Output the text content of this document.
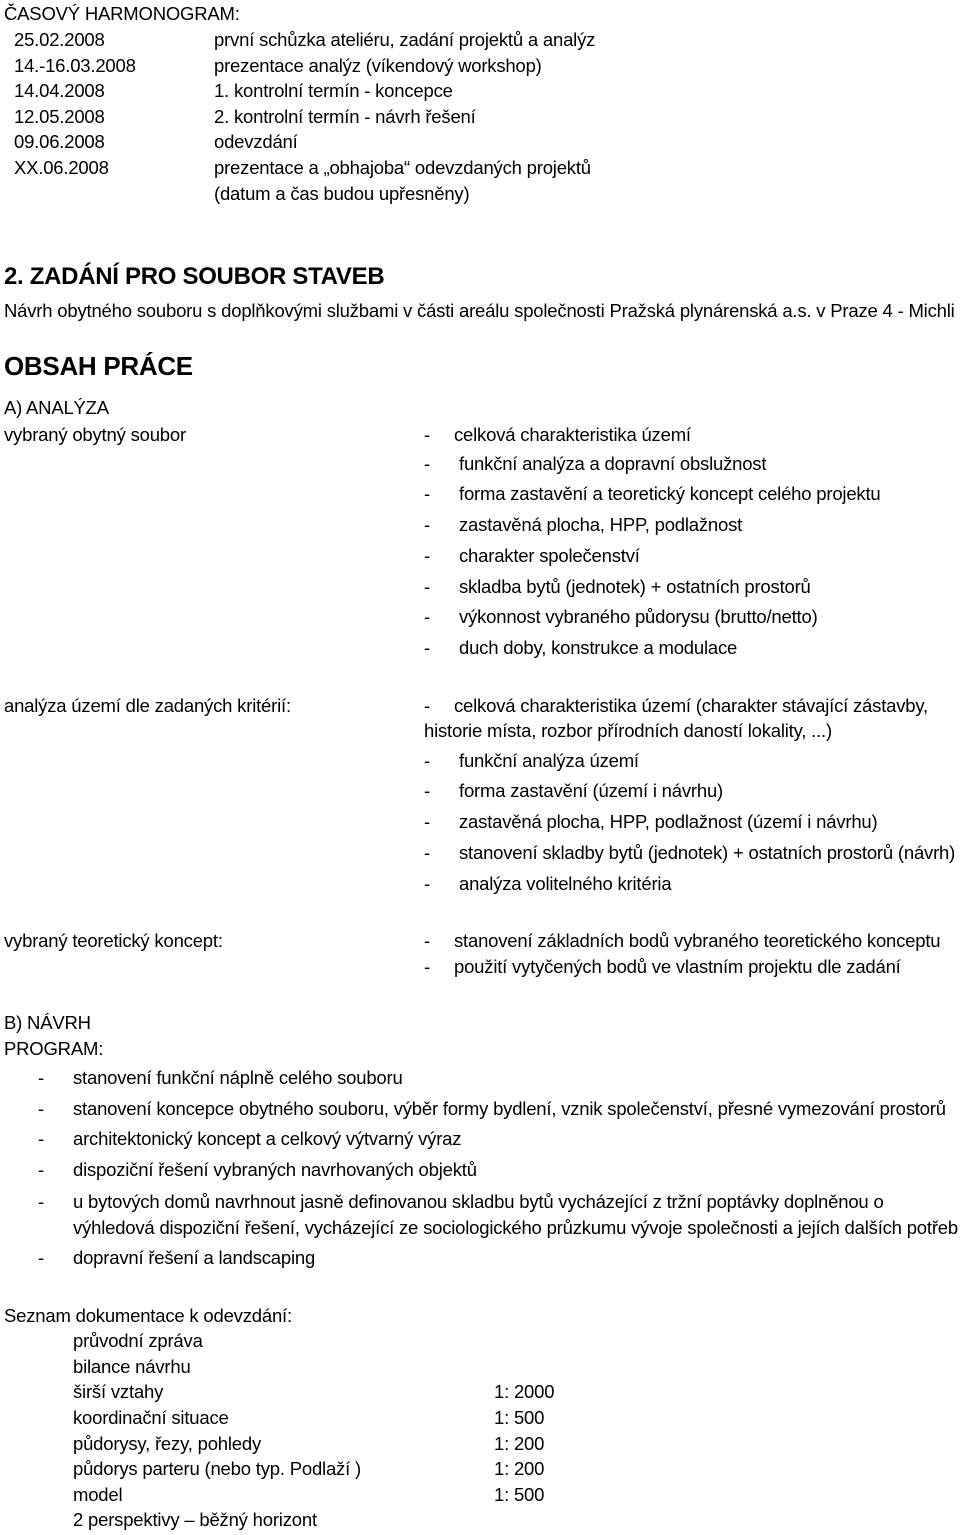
ČASOVÝ HARMONOGRAM:
25.02.2008	první schůzka ateliéru, zadání projektů a analýz
14.-16.03.2008	prezentace analýz (víkendový workshop)
14.04.2008	1. kontrolní termín - koncepce
12.05.2008	2. kontrolní termín - návrh řešení
09.06.2008	odevzdání
XX.06.2008	prezentace a „obhajoba“ odevzdaných projektů
(datum a čas budou upřesněny)
2. ZADÁNÍ PRO SOUBOR STAVEB
Návrh obytného souboru s doplňkovými službami v části areálu společnosti Pražská plynárenská a.s. v Praze 4 - Michli
OBSAH PRÁCE
A) ANALÝZA
vybraný obytný soubor	- celková charakteristika území
- funkční analýza a dopravní obslužnost
- forma zastavění a teoretický koncept celého projektu
- zastavěná plocha, HPP, podlažnost
- charakter společenství
- skladba bytů (jednotek) + ostatních prostorů
- výkonnost vybraného půdorysu (brutto/netto)
- duch doby, konstrukce a modulace
analýza území dle zadaných kritérií:	- celková charakteristika území (charakter stávající zástavby,
historie místa, rozbor přírodních daností lokality, ...)
- funkční analýza území
- forma zastavění (území i návrhu)
- zastavěná plocha, HPP, podlažnost (území i návrhu)
- stanovení skladby bytů (jednotek) + ostatních prostorů (návrh)
- analýza volitelného kritéria
vybraný teoretický koncept:	- stanovení základních bodů vybraného teoretického konceptu
- použití vytyčených bodů ve vlastním projektu dle zadání
B) NÁVRH
PROGRAM:
- stanovení funkční náplně celého souboru
- stanovení koncepce obytného souboru, výběr formy bydlení, vznik společenství, přesné vymezování prostorů
- architektonický koncept a celkový výtvarný výraz
- dispoziční řešení vybraných navrhovaných objektů
- u bytových domů navrhnout jasně definovanou skladbu bytů vycházející z tržní poptávky doplněnou o
výhledová dispoziční řešení, vycházející ze sociologického průzkumu vývoje společnosti a jejích dalších potřeb
- dopravní řešení a landscaping
Seznam dokumentace k odevzdání:
průvodní zpráva
bilance návrhu
širší vztahy	1: 2000
koordinační situace	1: 500
půdorysy, řezy, pohledy	1: 200
půdorys parteru (nebo typ. Podlaží )	1: 200
model	1: 500
2 perspektivy – běžný horizont
